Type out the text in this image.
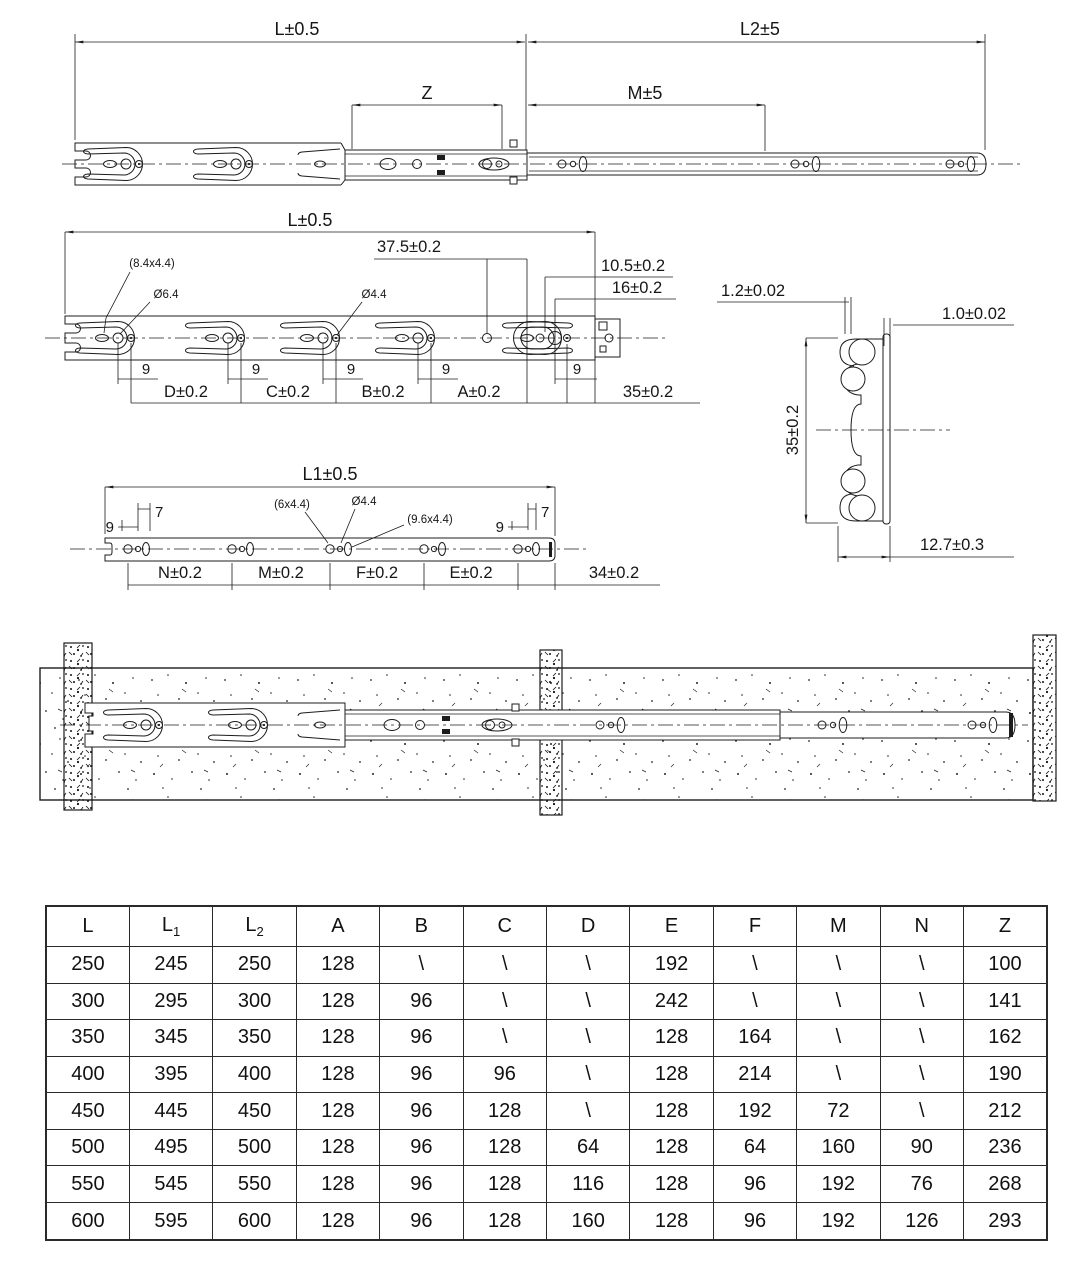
L±0.5	L2±5
Z	M±5
L±0.5
37.5±0.2
10.5±0.2
16±0.2
(8.4x4.4)
Ø6.4	Ø4.4
9	9	9	9	9
D±0.2	C±0.2	B±0.2	A±0.2	35±0.2
1.2±0.02
1.0±0.02
35±0.2
12.7±0.3
L1±0.5
9
7
9
7
(6x4.4)	Ø4.4
(9.6x4.4)
N±0.2	M±0.2	F±0.2	E±0.2	34±0.2
L	$L_1$	$L_2$	A	B	C	D	E	F	M	N	Z
250	245	250	128	\	\	\	192	\	\	\	100
300	295	300	128	96	\	\	242	\	\	\	141
350	345	350	128	96	\	\	128	164	\	\	162
400	395	400	128	96	96	\	128	214	\	\	190
450	445	450	128	96	128	\	128	192	72	\	212
500	495	500	128	96	128	64	128	64	160	90	236
550	545	550	128	96	128	116	128	96	192	76	268
600	595	600	128	96	128	160	128	96	192	126	293
